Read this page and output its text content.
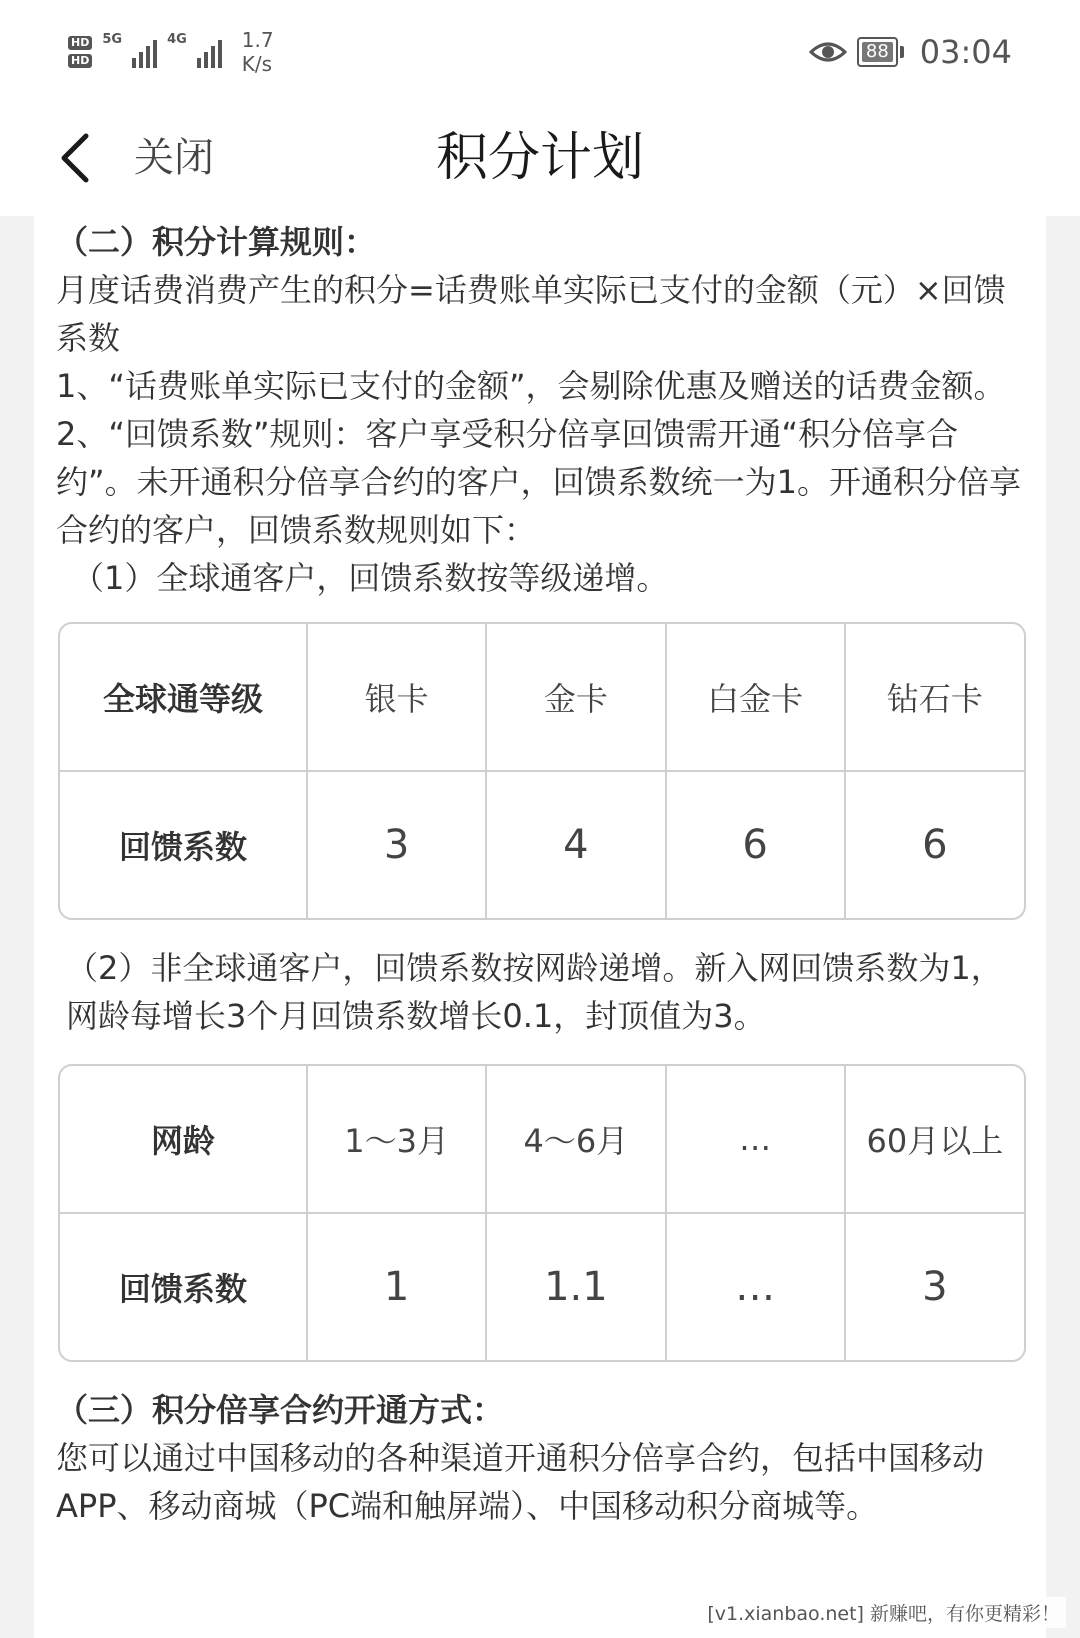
HD
HD
5G	4G	1.7
K/s
88 03:04
关闭	积分计划

（二）积分计算规则：

月度话费消费产生的积分=话费账单实际已支付的金额（元）×回馈系数

1、“话费账单实际已支付的金额”，会剔除优惠及赠送的话费金额。

2、“回馈系数”规则：客户享受积分倍享回馈需开通“积分倍享合约”。未开通积分倍享合约的客户，回馈系数统一为1。开通积分倍享合约的客户，回馈系数规则如下：

（1）全球通客户，回馈系数按等级递增。

全球通等级	银卡	金卡	白金卡	钻石卡
回馈系数	3	4	6	6

（2）非全球通客户，回馈系数按网龄递增。新入网回馈系数为1，网龄每增长3个月回馈系数增长0.1，封顶值为3。

网龄	1～3月	4～6月	…	60月以上
回馈系数	1	1.1	…	3

（三）积分倍享合约开通方式：

您可以通过中国移动的各种渠道开通积分倍享合约，包括中国移动APP、移动商城（PC端和触屏端）、中国移动积分商城等。

[v1.xianbao.net] 新赚吧，有你更精彩！
